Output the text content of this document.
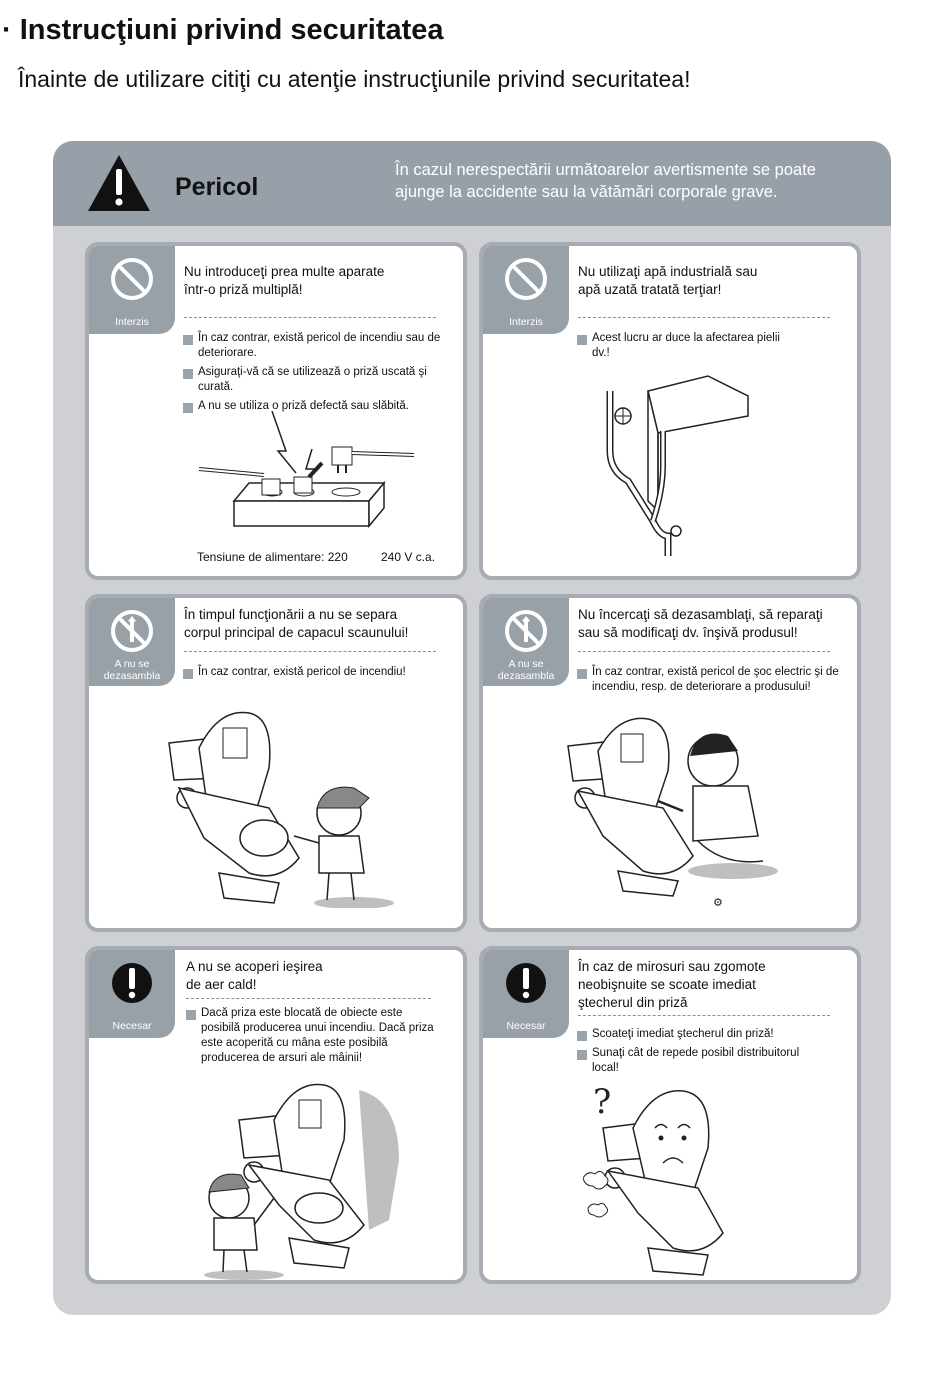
· Instrucţiuni privind securitatea
Înainte de utilizare citiţi cu atenţie instrucţiunile privind securitatea!
Pericol
În cazul nerespectării următoarelor avertismente se poate
ajunge la accidente sau la vătămări corporale grave.
Interzis
Nu introduceţi prea multe aparate
într-o priză multiplă!
În caz contrar, există pericol de incendiu sau de deteriorare.
Asiguraţi-vă că se utilizează o priză uscată şi curată.
A nu se utiliza o priză defectă sau slăbită.
Tensiune de alimentare: 220	240 V c.a.
Interzis
Nu utilizaţi apă industrială sau
apă uzată tratată terţiar!
Acest lucru ar duce la afectarea pielii dv.!
A nu se
dezasambla
În timpul funcţionării a nu se separa
corpul principal de capacul scaunului!
În caz contrar, există pericol de incendiu!
A nu se
dezasambla
Nu încercaţi să dezasamblaţi, să reparaţi
sau să modificaţi dv. înşivă produsul!
În caz contrar, există pericol de şoc electric şi de incendiu, resp. de deteriorare a produsului!
⚙
Necesar
A nu se acoperi ieşirea
de aer cald!
Dacă priza este blocată de obiecte este posibilă producerea unui incendiu. Dacă priza este acoperită cu mâna este posibilă producerea de arsuri ale mâinii!
Necesar
În caz de mirosuri sau zgomote
neobişnuite se scoate imediat
ştecherul din priză
Scoateţi imediat ştecherul din priză!
Sunaţi cât de repede posibil distribuitorul local!
?
